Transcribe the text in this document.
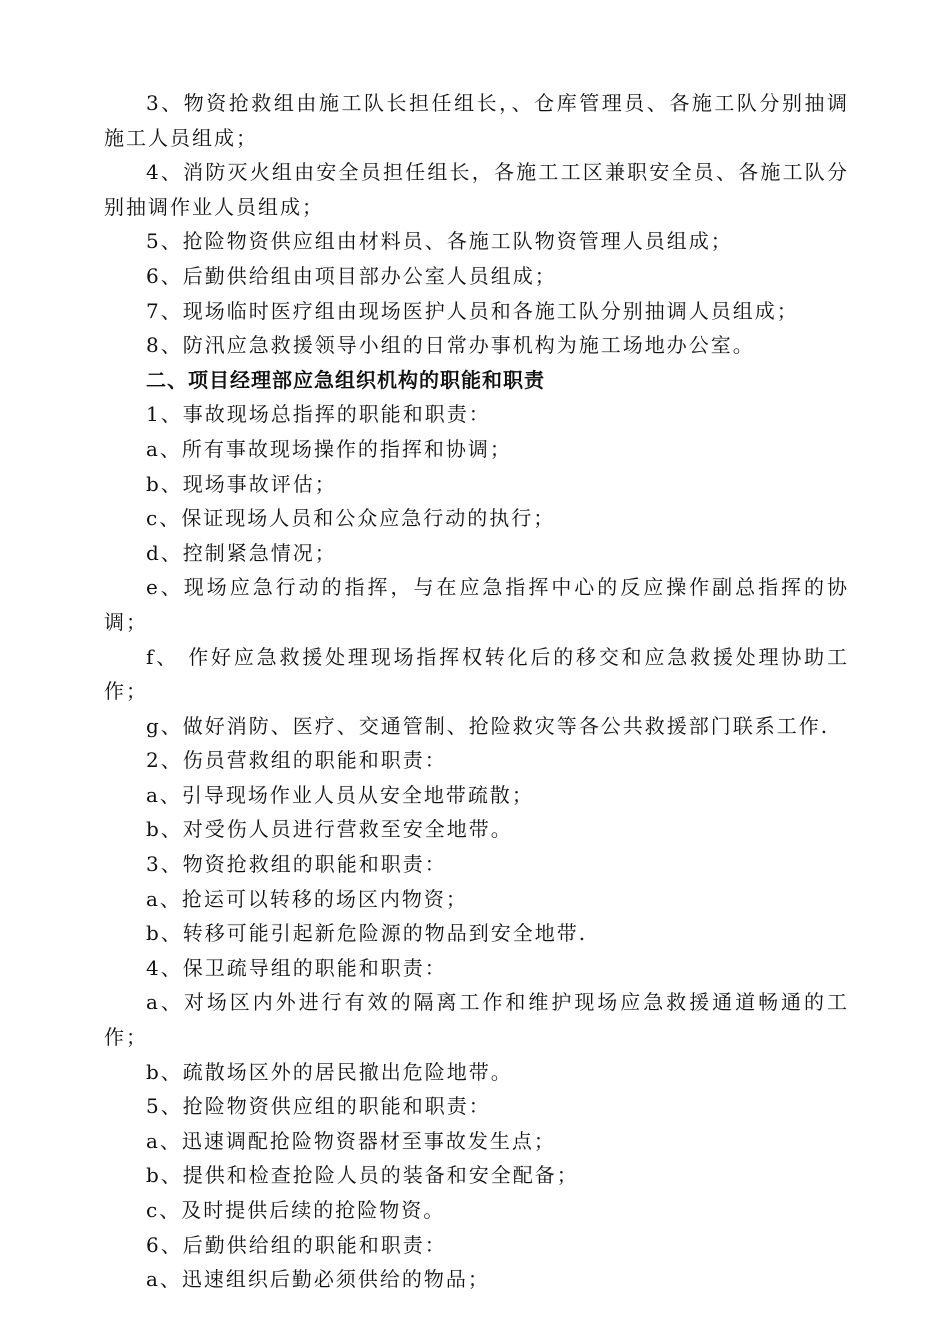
3、物资抢救组由施工队长担任组长，、仓库管理员、各施工队分别抽调施工人员组成；

4、消防灭火组由安全员担任组长，各施工工区兼职安全员、各施工队分别抽调作业人员组成；

5、抢险物资供应组由材料员、各施工队物资管理人员组成；

6、后勤供给组由项目部办公室人员组成；

7、现场临时医疗组由现场医护人员和各施工队分别抽调人员组成；

8、防汛应急救援领导小组的日常办事机构为施工场地办公室。

二、项目经理部应急组织机构的职能和职责

1、事故现场总指挥的职能和职责：

a、所有事故现场操作的指挥和协调；

b、现场事故评估；

c、保证现场人员和公众应急行动的执行；

d、控制紧急情况；

e、现场应急行动的指挥，与在应急指挥中心的反应操作副总指挥的协调；

f、 作好应急救援处理现场指挥权转化后的移交和应急救援处理协助工作；

g、做好消防、医疗、交通管制、抢险救灾等各公共救援部门联系工作.

2、伤员营救组的职能和职责：

a、引导现场作业人员从安全地带疏散；

b、对受伤人员进行营救至安全地带。

3、物资抢救组的职能和职责：

a、抢运可以转移的场区内物资；

b、转移可能引起新危险源的物品到安全地带.

4、保卫疏导组的职能和职责：

a、对场区内外进行有效的隔离工作和维护现场应急救援通道畅通的工作；

b、疏散场区外的居民撤出危险地带。

5、抢险物资供应组的职能和职责：

a、迅速调配抢险物资器材至事故发生点；

b、提供和检查抢险人员的装备和安全配备；

c、及时提供后续的抢险物资。

6、后勤供给组的职能和职责：

a、迅速组织后勤必须供给的物品；
